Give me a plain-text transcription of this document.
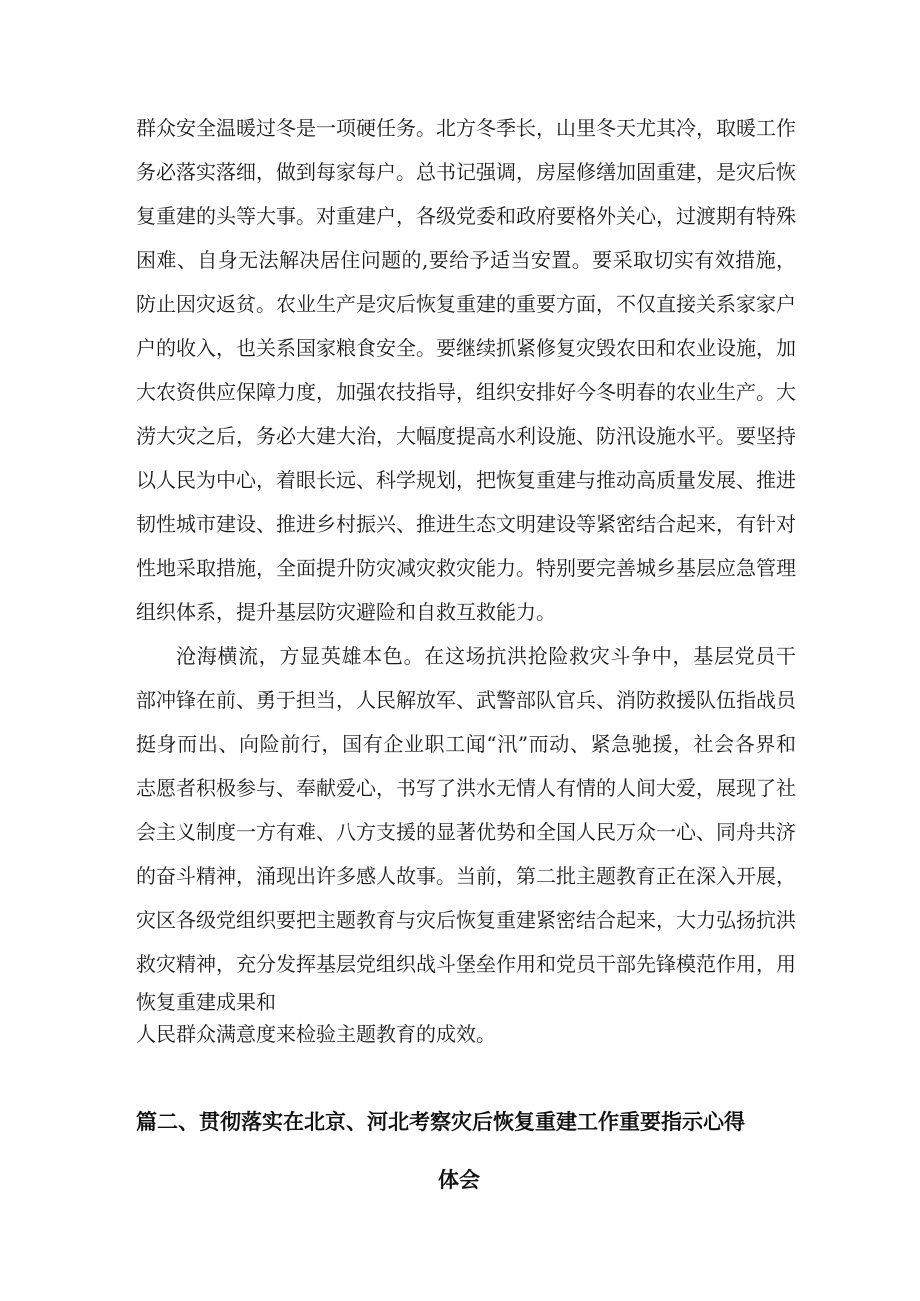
群众安全温暖过冬是一项硬任务。北方冬季长，山里冬天尤其冷，取暖工作
务必落实落细，做到每家每户。总书记强调，房屋修缮加固重建，是灾后恢
复重建的头等大事。对重建户，各级党委和政府要格外关心，过渡期有特殊
困难、自身无法解决居住问题的,要给予适当安置。要采取切实有效措施，
防止因灾返贫。农业生产是灾后恢复重建的重要方面，不仅直接关系家家户
户的收入，也关系国家粮食安全。要继续抓紧修复灾毁农田和农业设施，加
大农资供应保障力度，加强农技指导，组织安排好今冬明春的农业生产。大
涝大灾之后，务必大建大治，大幅度提高水利设施、防汛设施水平。要坚持
以人民为中心，着眼长远、科学规划，把恢复重建与推动高质量发展、推进
韧性城市建设、推进乡村振兴、推进生态文明建设等紧密结合起来，有针对
性地采取措施，全面提升防灾减灾救灾能力。特别要完善城乡基层应急管理
组织体系，提升基层防灾避险和自救互救能力。
沧海横流，方显英雄本色。在这场抗洪抢险救灾斗争中，基层党员干
部冲锋在前、勇于担当，人民解放军、武警部队官兵、消防救援队伍指战员
挺身而出、向险前行，国有企业职工闻“汛”而动、紧急驰援，社会各界和
志愿者积极参与、奉献爱心，书写了洪水无情人有情的人间大爱，展现了社
会主义制度一方有难、八方支援的显著优势和全国人民万众一心、同舟共济
的奋斗精神，涌现出许多感人故事。当前，第二批主题教育正在深入开展，
灾区各级党组织要把主题教育与灾后恢复重建紧密结合起来，大力弘扬抗洪
救灾精神，充分发挥基层党组织战斗堡垒作用和党员干部先锋模范作用，用
恢复重建成果和
人民群众满意度来检验主题教育的成效。
篇二、贯彻落实在北京、河北考察灾后恢复重建工作重要指示心得
体会
